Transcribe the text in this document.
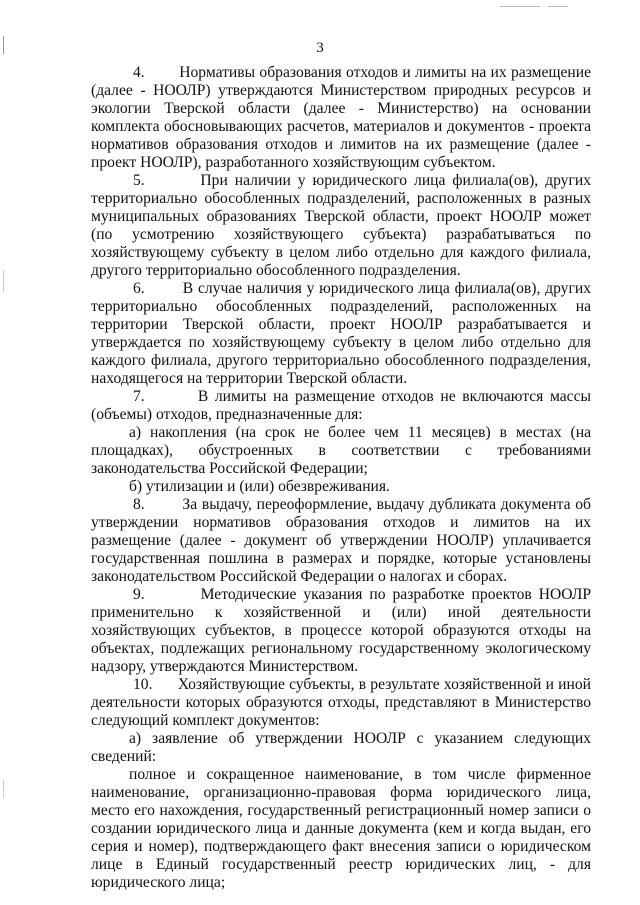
3

4.        Нормативы образования отходов и лимиты на их размещение (далее - НООЛР) утверждаются Министерством природных ресурсов и экологии Тверской области (далее - Министерство) на основании комплекта обосновывающих расчетов, материалов и документов - проекта нормативов образования отходов и лимитов на их размещение (далее - проект НООЛР), разработанного хозяйствующим субъектом.

5.        При наличии у юридического лица филиала(ов), других территориально обособленных подразделений, расположенных в разных муниципальных образованиях Тверской области, проект НООЛР может (по усмотрению хозяйствующего субъекта) разрабатываться по хозяйствующему субъекту в целом либо отдельно для каждого филиала, другого территориально обособленного подразделения.

6.        В случае наличия у юридического лица филиала(ов), других территориально обособленных подразделений, расположенных на территории Тверской области, проект НООЛР разрабатывается и утверждается по хозяйствующему субъекту в целом либо отдельно для каждого филиала, другого территориально обособленного подразделения, находящегося на территории Тверской области.

7.        В лимиты на размещение отходов не включаются массы (объемы) отходов, предназначенные для:

а) накопления (на срок не более чем 11 месяцев) в местах (на площадках), обустроенных в соответствии с требованиями законодательства Российской Федерации;

б) утилизации и (или) обезвреживания.

8.        За выдачу, переоформление, выдачу дубликата документа об утверждении нормативов образования отходов и лимитов на их размещение (далее - документ об утверждении НООЛР) уплачивается государственная пошлина в размерах и порядке, которые установлены законодательством Российской Федерации о налогах и сборах.

9.        Методические указания по разработке проектов НООЛР применительно к хозяйственной и (или) иной деятельности хозяйствующих субъектов, в процессе которой образуются отходы на объектах, подлежащих региональному государственному экологическому надзору, утверждаются Министерством.

10.      Хозяйствующие субъекты, в результате хозяйственной и иной деятельности которых образуются отходы, представляют в Министерство следующий комплект документов:

а) заявление об утверждении НООЛР с указанием следующих сведений:

полное и сокращенное наименование, в том числе фирменное наименование, организационно-правовая форма юридического лица, место его нахождения, государственный регистрационный номер записи о создании юридического лица и данные документа (кем и когда выдан, его серия и номер), подтверждающего факт внесения записи о юридическом лице в Единый государственный реестр юридических лиц, - для юридического лица;
